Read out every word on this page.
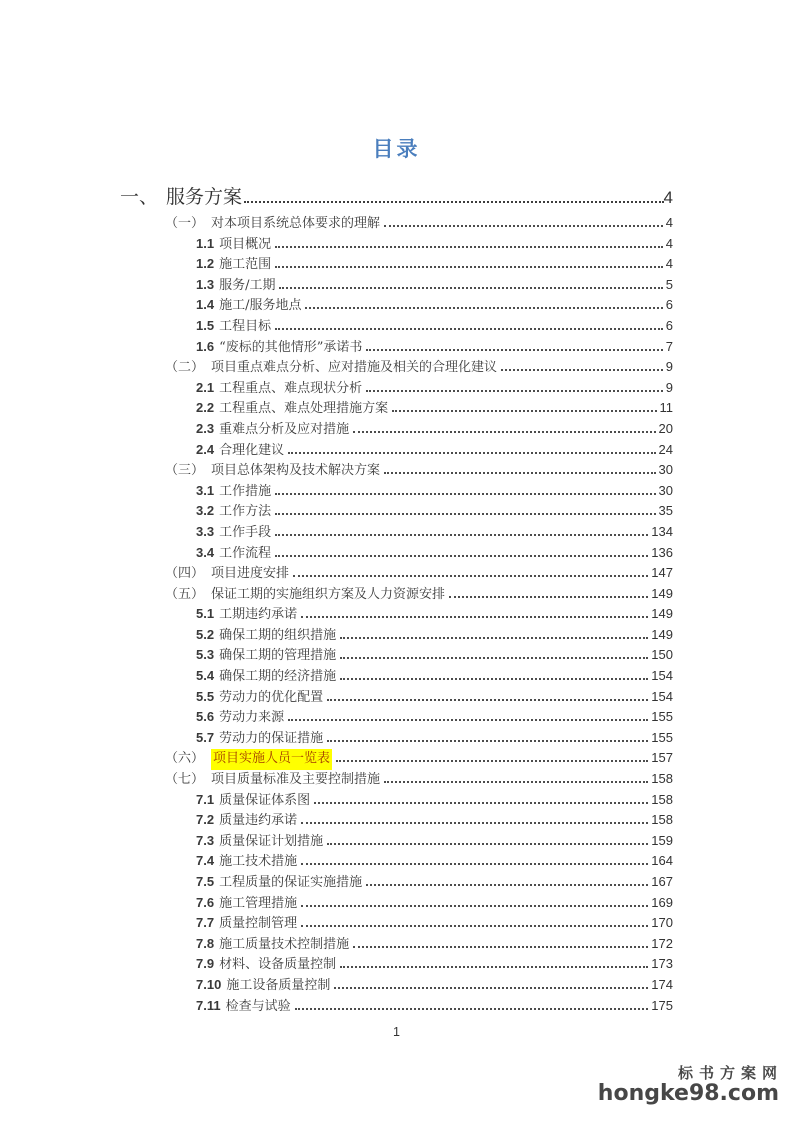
目录
一、 服务方案	4
（一） 对本项目系统总体要求的理解	4
1.1 项目概况	4
1.2 施工范围	4
1.3 服务/工期	5
1.4 施工/服务地点	6
1.5 工程目标	6
1.6 “废标的其他情形”承诺书	7
（二） 项目重点难点分析、应对措施及相关的合理化建议	9
2.1 工程重点、难点现状分析	9
2.2 工程重点、难点处理措施方案	11
2.3 重难点分析及应对措施	20
2.4 合理化建议	24
（三） 项目总体架构及技术解决方案	30
3.1 工作措施	30
3.2 工作方法	35
3.3 工作手段	134
3.4 工作流程	136
（四） 项目进度安排	147
（五） 保证工期的实施组织方案及人力资源安排	149
5.1 工期违约承诺	149
5.2 确保工期的组织措施	149
5.3 确保工期的管理措施	150
5.4 确保工期的经济措施	154
5.5 劳动力的优化配置	154
5.6 劳动力来源	155
5.7 劳动力的保证措施	155
（六） 项目实施人员一览表	157
（七） 项目质量标准及主要控制措施	158
7.1 质量保证体系图	158
7.2 质量违约承诺	158
7.3 质量保证计划措施	159
7.4 施工技术措施	164
7.5 工程质量的保证实施措施	167
7.6 施工管理措施	169
7.7 质量控制管理	170
7.8 施工质量技术控制措施	172
7.9 材料、设备质量控制	173
7.10 施工设备质量控制	174
7.11 检查与试验	175
1
标书方案网
hongke98.com
